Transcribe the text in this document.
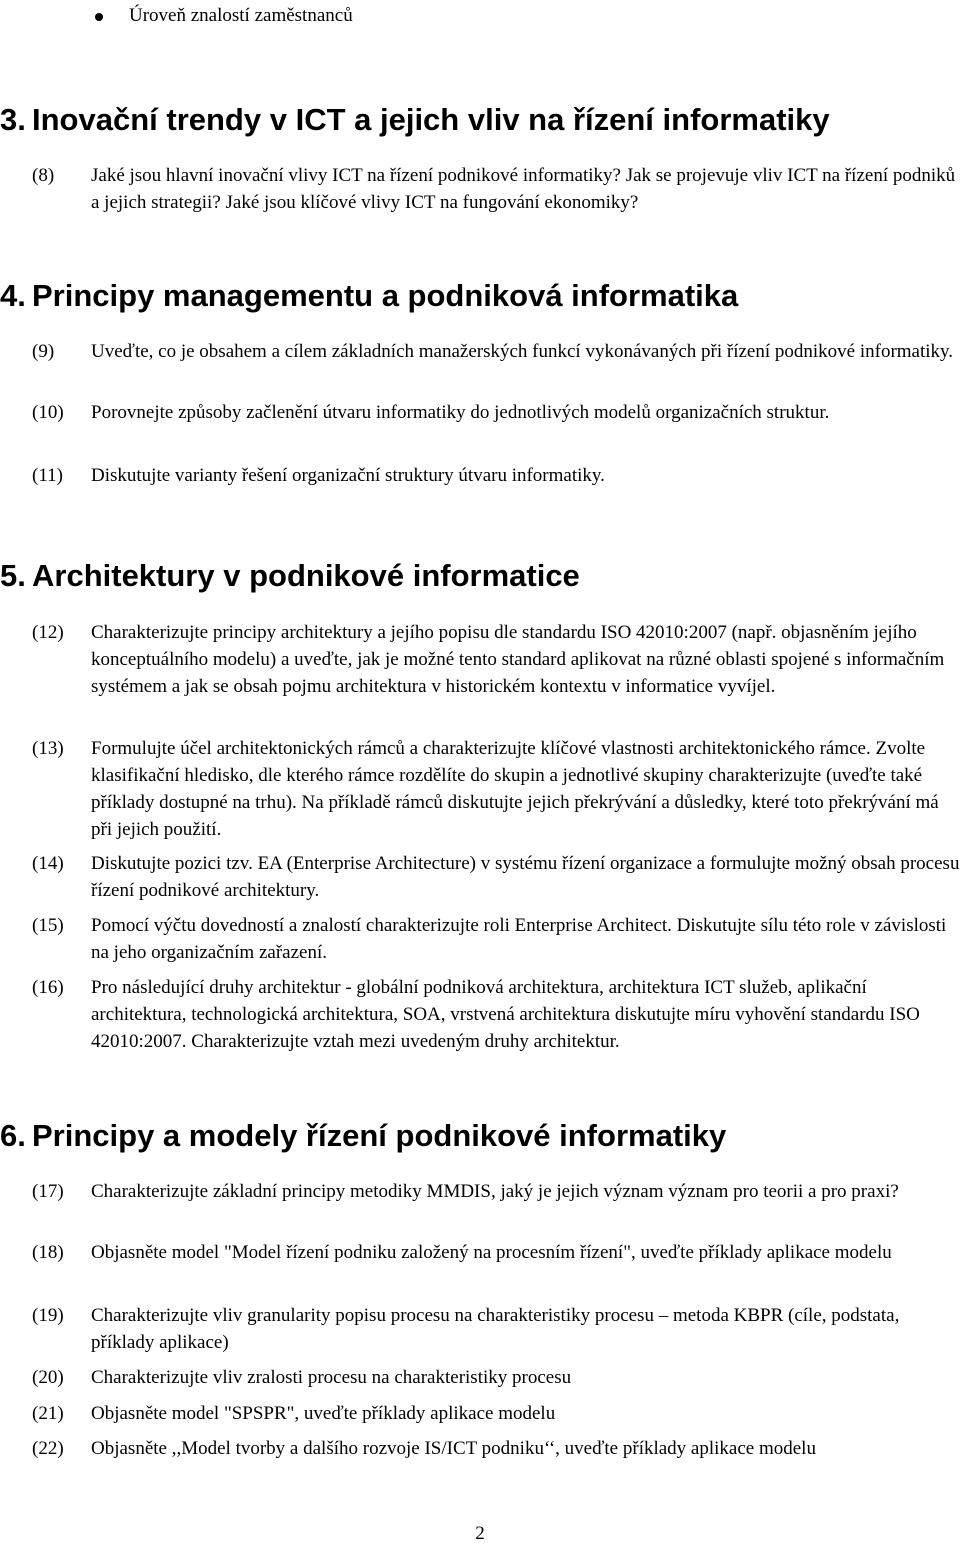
Úroveň znalostí zaměstnanců
3. Inovační trendy v ICT a jejich vliv na řízení informatiky
(8) Jaké jsou hlavní inovační vlivy ICT na řízení podnikové informatiky? Jak se projevuje vliv ICT na řízení podniků a jejich strategii? Jaké jsou klíčové vlivy ICT na fungování ekonomiky?
4. Principy managementu a podniková informatika
(9) Uveďte, co je obsahem a cílem základních manažerských funkcí vykonávaných při řízení podnikové informatiky.
(10) Porovnejte způsoby začlenění útvaru informatiky do jednotlivých modelů organizačních struktur.
(11) Diskutujte varianty řešení organizační struktury útvaru informatiky.
5. Architektury v podnikové informatice
(12) Charakterizujte principy architektury a jejího popisu dle standardu ISO 42010:2007 (např. objasněním jejího konceptuálního modelu) a uveďte, jak je možné tento standard aplikovat na různé oblasti spojené s informačním systémem a jak se obsah pojmu architektura v historickém kontextu v informatice vyvíjel.
(13) Formulujte účel architektonických rámců a charakterizujte klíčové vlastnosti architektonického rámce. Zvolte klasifikační hledisko, dle kterého rámce rozdělíte do skupin a jednotlivé skupiny charakterizujte (uveďte také příklady dostupné na trhu). Na příkladě rámců diskutujte jejich překrývání a důsledky, které toto překrývání má při jejich použití.
(14) Diskutujte pozici tzv. EA (Enterprise Architecture) v systému řízení organizace a formulujte možný obsah procesu řízení podnikové architektury.
(15) Pomocí výčtu dovedností a znalostí charakterizujte roli Enterprise Architect. Diskutujte sílu této role v závislosti na jeho organizačním zařazení.
(16) Pro následující druhy architektur - globální podniková architektura, architektura ICT služeb, aplikační architektura, technologická architektura, SOA, vrstvená architektura diskutujte míru vyhovění standardu ISO 42010:2007. Charakterizujte vztah mezi uvedeným druhy architektur.
6. Principy a modely řízení podnikové informatiky
(17) Charakterizujte základní principy metodiky MMDIS, jaký je jejich význam význam pro teorii a pro praxi?
(18) Objasněte model "Model řízení podniku založený na procesním řízení", uveďte příklady aplikace modelu
(19) Charakterizujte vliv granularity popisu procesu na charakteristiky procesu – metoda KBPR (cíle, podstata, příklady aplikace)
(20) Charakterizujte vliv zralosti procesu na charakteristiky procesu
(21) Objasněte model "SPSPR", uveďte příklady aplikace modelu
(22) Objasněte ,,Model tvorby a dalšího rozvoje IS/ICT podniku‘‘, uveďte příklady aplikace modelu
2
